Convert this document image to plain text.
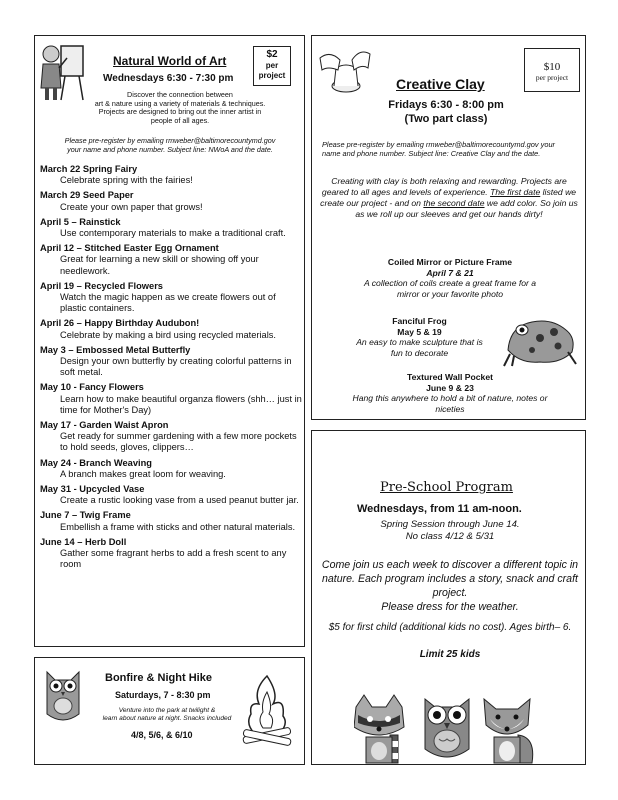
Natural World of Art
Wednesdays 6:30 - 7:30 pm
$2
per
project
Discover the connection between
art & nature using a variety of materials & techniques.
Projects are designed to bring out the inner artist in
people of all ages.
Please pre-register by emailing rmweber@baltimorecountymd.gov
your name and phone number. Subject line: NWoA and the date.
March 22 Spring Fairy
Celebrate spring with the fairies!
March 29 Seed Paper
Create your own paper that grows!
April 5 – Rainstick
Use contemporary materials to make a traditional craft.
April 12 – Stitched Easter Egg Ornament
Great for learning a new skill or showing off your needlework.
April 19 – Recycled Flowers
Watch the magic happen as we create flowers out of plastic containers.
April 26 – Happy Birthday Audubon!
Celebrate by making a bird using recycled materials.
May 3 – Embossed Metal Butterfly
Design your own butterfly by creating colorful patterns in soft metal.
May 10 - Fancy Flowers
Learn how to make beautiful organza flowers (shh… just in time for Mother's Day)
May 17 - Garden Waist Apron
Get ready for summer gardening with a few more pockets to hold seeds, gloves, clippers…
May 24 - Branch Weaving
A branch makes great loom for weaving.
May 31 - Upcycled Vase
Create a rustic looking vase from a used peanut butter jar.
June 7 – Twig Frame
Embellish a frame with sticks and other natural materials.
June 14 – Herb Doll
Gather some fragrant herbs to add a fresh scent to any room
Bonfire & Night Hike
Saturdays, 7 - 8:30 pm
Venture into the park at twilight &
learn about nature at night. Snacks included
4/8, 5/6, & 6/10
Creative Clay
Fridays 6:30 - 8:00 pm
(Two part class)
$10
per project
Please pre-register by emailing rmweber@baltimorecountymd.gov your name and phone number. Subject line: Creative Clay and the date.
Creating with clay is both relaxing and rewarding. Projects are geared to all ages and levels of experience. The first date listed we create our project - and on the second date we add color. So join us as we roll up our sleeves and get our hands dirty!
Coiled Mirror or Picture Frame
April 7 & 21
A collection of coils create a great frame for a mirror or your favorite photo
Fanciful Frog
May 5 & 19
An easy to make sculpture that is fun to decorate
Textured Wall Pocket
June 9 & 23
Hang this anywhere to hold a bit of nature, notes or niceties
Pre-School Program
Wednesdays, from 11 am-noon.
Spring Session through June 14.
No class 4/12 & 5/31
Come join us each week to discover a different topic in nature. Each program includes a story, snack and craft project.
Please dress for the weather.
$5 for first child (additional kids no cost). Ages birth– 6.
Limit 25 kids
